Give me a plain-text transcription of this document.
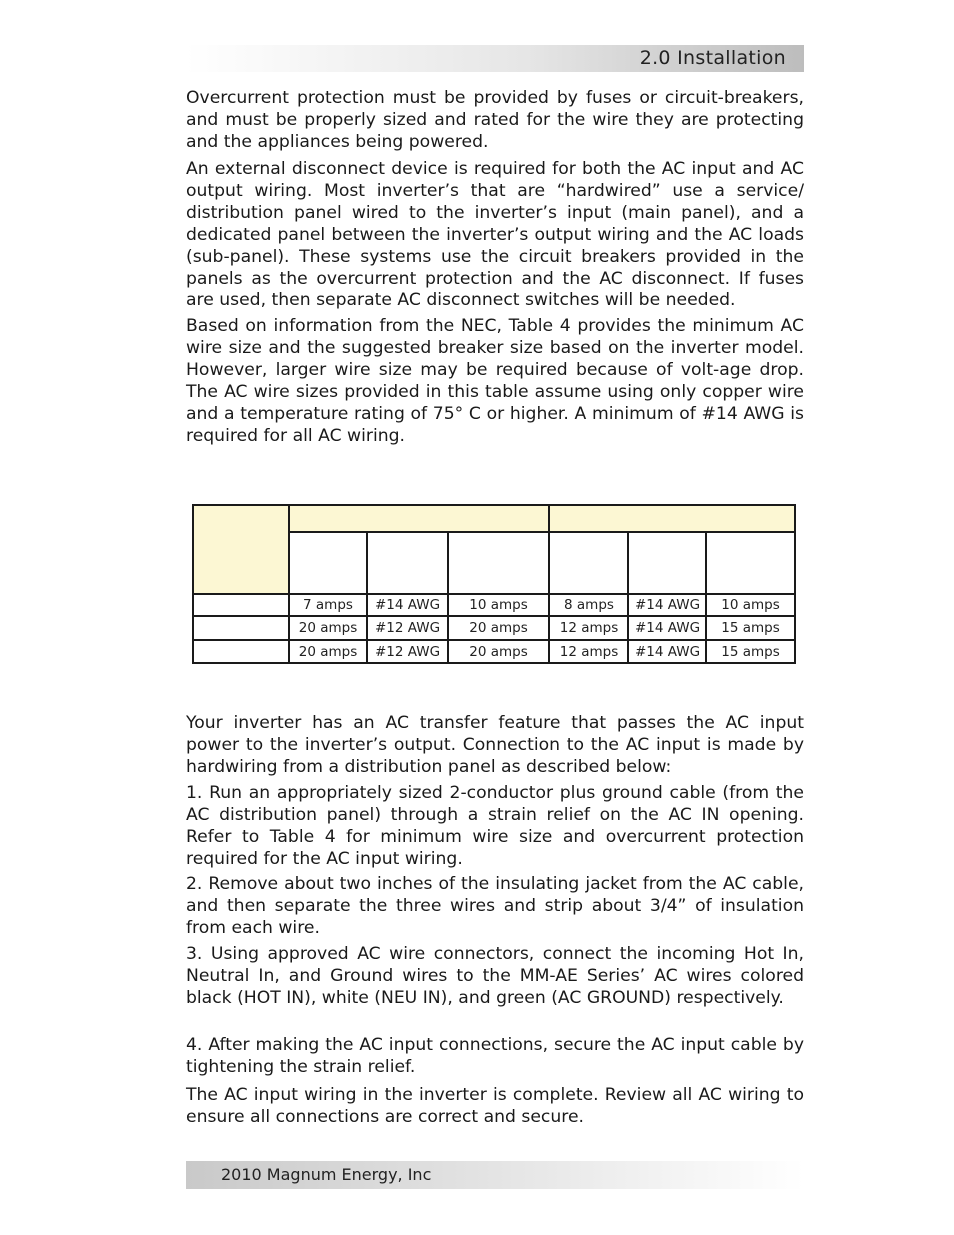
2.0 Installation

Overcurrent protection must be provided by fuses or circuit-breakers, and must be properly sized and rated for the wire they are protecting and the appliances being powered.

An external disconnect device is required for both the AC input and AC output wiring. Most inverter’s that are “hardwired” use a service/ distribution panel wired to the inverter’s input (main panel), and a dedicated panel between the inverter’s output wiring and the AC loads (sub-panel). These systems use the circuit breakers provided in the panels as the overcurrent protection and the AC disconnect. If fuses are used, then separate AC disconnect switches will be needed.

Based on information from the NEC, Table 4 provides the minimum AC wire size and the suggested breaker size based on the inverter model. However, larger wire size may be required because of volt-age drop. The AC wire sizes provided in this table assume using only copper wire and a temperature rating of 75° C or higher. A minimum of #14 AWG is required for all AC wiring.

7 amps	#14 AWG	10 amps	8 amps	#14 AWG	10 amps
20 amps	#12 AWG	20 amps	12 amps	#14 AWG	15 amps
20 amps	#12 AWG	20 amps	12 amps	#14 AWG	15 amps

Your inverter has an AC transfer feature that passes the AC input power to the inverter’s output. Connection to the AC input is made by hardwiring from a distribution panel as described below:

1. Run an appropriately sized 2-conductor plus ground cable (from the AC distribution panel) through a strain relief on the AC IN opening. Refer to Table 4 for minimum wire size and overcurrent protection required for the AC input wiring.

2. Remove about two inches of the insulating jacket from the AC cable, and then separate the three wires and strip about 3/4” of insulation from each wire.

3. Using approved AC wire connectors, connect the incoming Hot In, Neutral In, and Ground wires to the MM-AE Series’ AC wires colored black (HOT IN), white (NEU IN), and green (AC GROUND) respectively.

4. After making the AC input connections, secure the AC input cable by tightening the strain relief.

The AC input wiring in the inverter is complete. Review all AC wiring to ensure all connections are correct and secure.

2010 Magnum Energy, Inc
